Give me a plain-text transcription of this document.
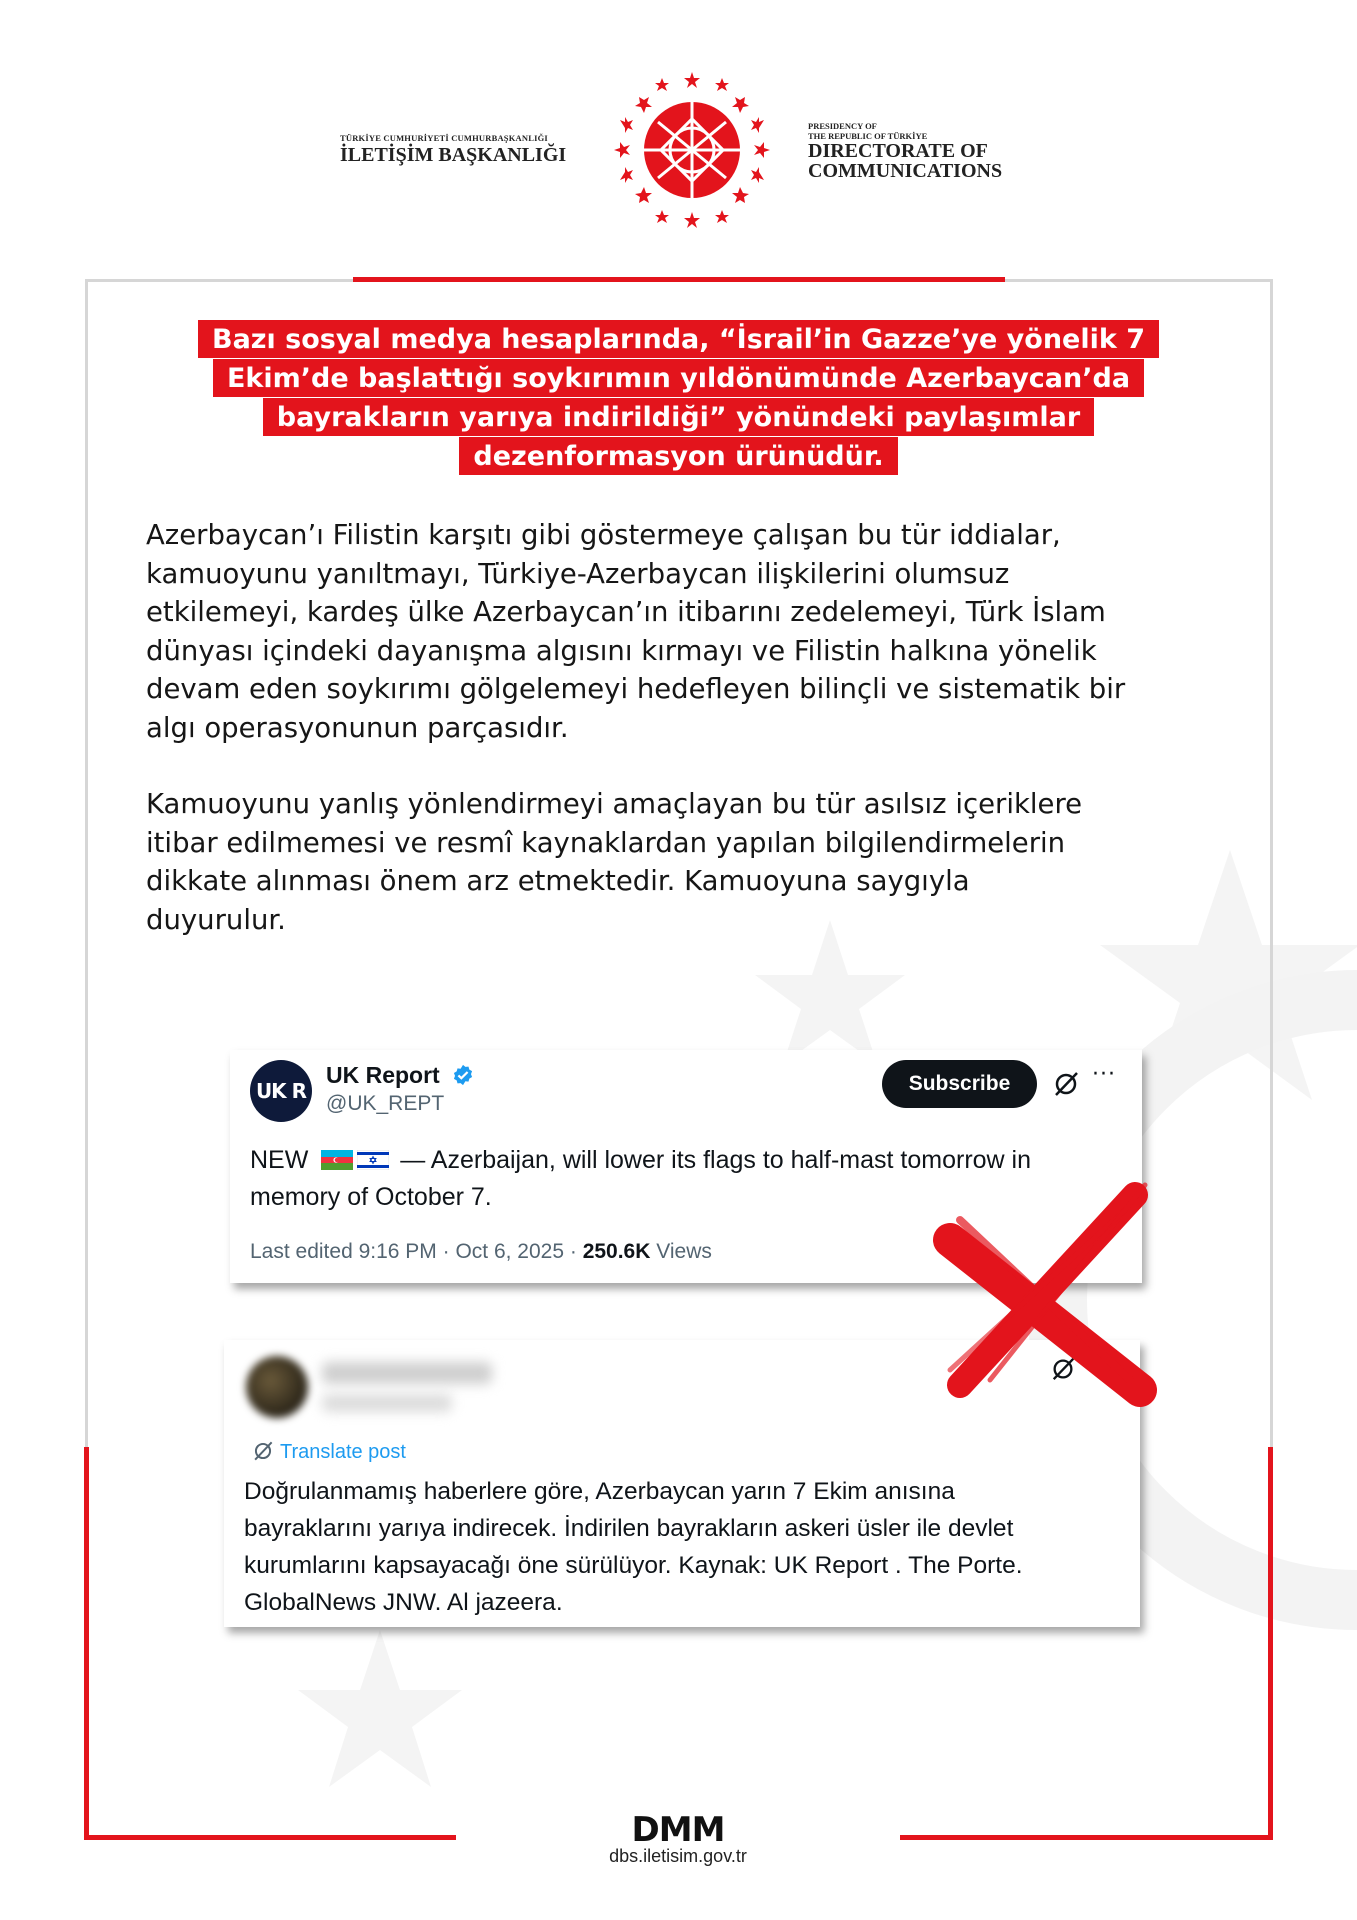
TÜRKİYE CUMHURİYETİ CUMHURBAŞKANLIĞI
İLETİŞİM BAŞKANLIĞI
PRESIDENCY OF
THE REPUBLIC OF TÜRKİYE
DIRECTORATE OF
COMMUNICATIONS
Bazı sosyal medya hesaplarında, “İsrail’in Gazze’ye yönelik 7
Ekim’de başlattığı soykırımın yıldönümünde Azerbaycan’da
bayrakların yarıya indirildiği” yönündeki paylaşımlar
dezenformasyon ürünüdür.
Azerbaycan’ı Filistin karşıtı gibi göstermeye çalışan bu tür iddialar,
kamuoyunu yanıltmayı, Türkiye-Azerbaycan ilişkilerini olumsuz
etkilemeyi, kardeş ülke Azerbaycan’ın itibarını zedelemeyi, Türk İslam
dünyası içindeki dayanışma algısını kırmayı ve Filistin halkına yönelik
devam eden soykırımı gölgelemeyi hedefleyen bilinçli ve sistematik bir
algı operasyonunun parçasıdır.
Kamuoyunu yanlış yönlendirmeyi amaçlayan bu tür asılsız içeriklere
itibar edilmemesi ve resmî kaynaklardan yapılan bilgilendirmelerin
dikkate alınması önem arz etmektedir. Kamuoyuna saygıyla
duyurulur.
UK R
UK Report
@UK_REPT
Subscribe	···
NEW	— Azerbaijan, will lower its flags to half-mast tomorrow in
memory of October 7.
Last edited 9:16 PM · Oct 6, 2025 · 250.6K Views
Translate post
Doğrulanmamış haberlere göre, Azerbaycan yarın 7 Ekim anısına
bayraklarını yarıya indirecek. İndirilen bayrakların askeri üsler ile devlet
kurumlarını kapsayacağı öne sürülüyor. Kaynak: UK Report . The Porte.
GlobalNews JNW. Al jazeera.
DMM
dbs.iletisim.gov.tr
